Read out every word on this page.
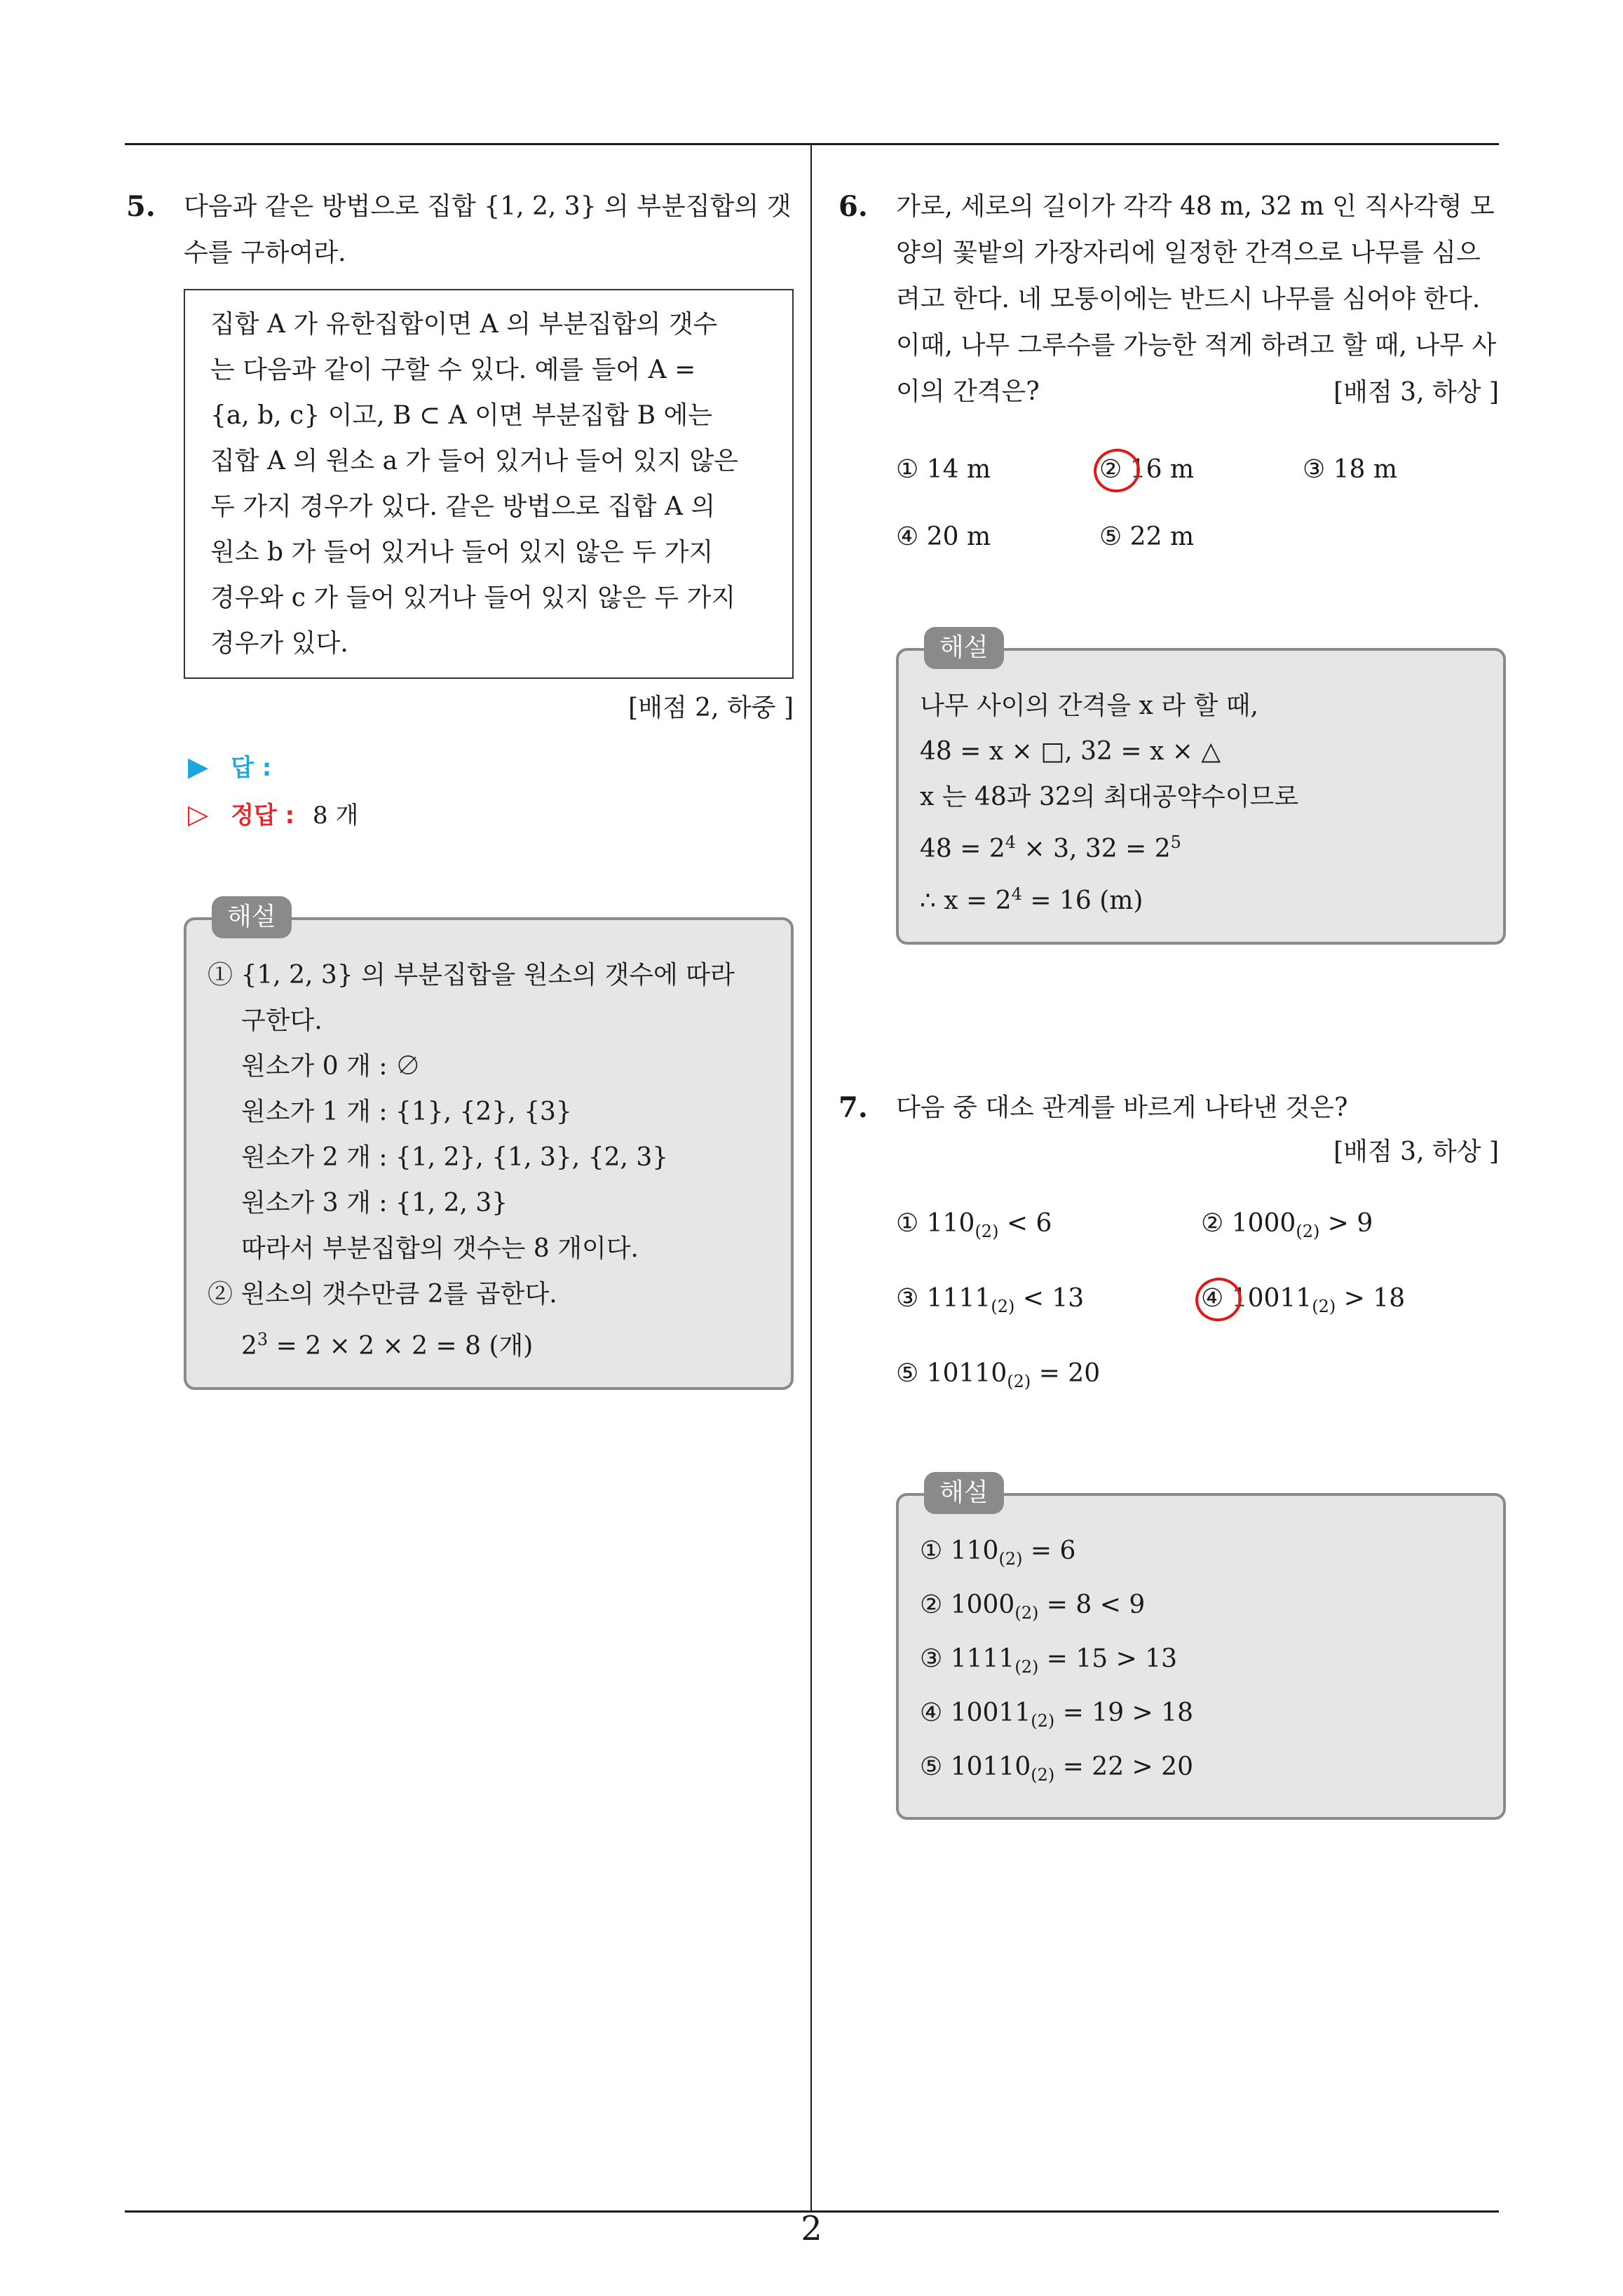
5. 다음과 같은 방법으로 집합 {1, 2, 3} 의 부분집합의 갯수를 구하여라.
집합 A 가 유한집합이면 A 의 부분집합의 갯수
는 다음과 같이 구할 수 있다. 예를 들어 A =
{a, b, c} 이고, B ⊂ A 이면 부분집합 B 에는
집합 A 의 원소 a 가 들어 있거나 들어 있지 않은
두 가지 경우가 있다. 같은 방법으로 집합 A 의
원소 b 가 들어 있거나 들어 있지 않은 두 가지
경우와 c 가 들어 있거나 들어 있지 않은 두 가지
경우가 있다.
[배점 2, 하중 ]
▶ 답 :
▷ 정답 : 8 개
해설
① {1, 2, 3} 의 부분집합을 원소의 갯수에 따라
구한다.
원소가 0 개 : ∅
원소가 1 개 : {1}, {2}, {3}
원소가 2 개 : {1, 2}, {1, 3}, {2, 3}
원소가 3 개 : {1, 2, 3}
따라서 부분집합의 갯수는 8 개이다.
② 원소의 갯수만큼 2를 곱한다.
$2^3 = 2 \times 2 \times 2 = 8$ (개)
6. 가로, 세로의 길이가 각각 48 m, 32 m 인 직사각형 모양의 꽃밭의 가장자리에 일정한 간격으로 나무를 심으려고 한다. 네 모퉁이에는 반드시 나무를 심어야 한다. 이때, 나무 그루수를 가능한 적게 하려고 할 때, 나무 사이의 간격은?	[배점 3, 하상 ]
① 14 m	② 16 m	③ 18 m
④ 20 m	⑤ 22 m
해설
나무 사이의 간격을 x 라 할 때,
48 = x × □, 32 = x × △
x 는 48과 32의 최대공약수이므로
$48 = 2^4 \times 3$, $32 = 2^5$
∴ $x = 2^4 = 16$ (m)
7. 다음 중 대소 관계를 바르게 나타낸 것은?
[배점 3, 하상 ]
① $110_{(2)} < 6$	② $1000_{(2)} > 9$
③ $1111_{(2)} < 13$	④ $10011_{(2)} > 18$
⑤ $10110_{(2)} = 20$
해설
① $110_{(2)} = 6$
② $1000_{(2)} = 8 < 9$
③ $1111_{(2)} = 15 > 13$
④ $10011_{(2)} = 19 > 18$
⑤ $10110_{(2)} = 22 > 20$
2
